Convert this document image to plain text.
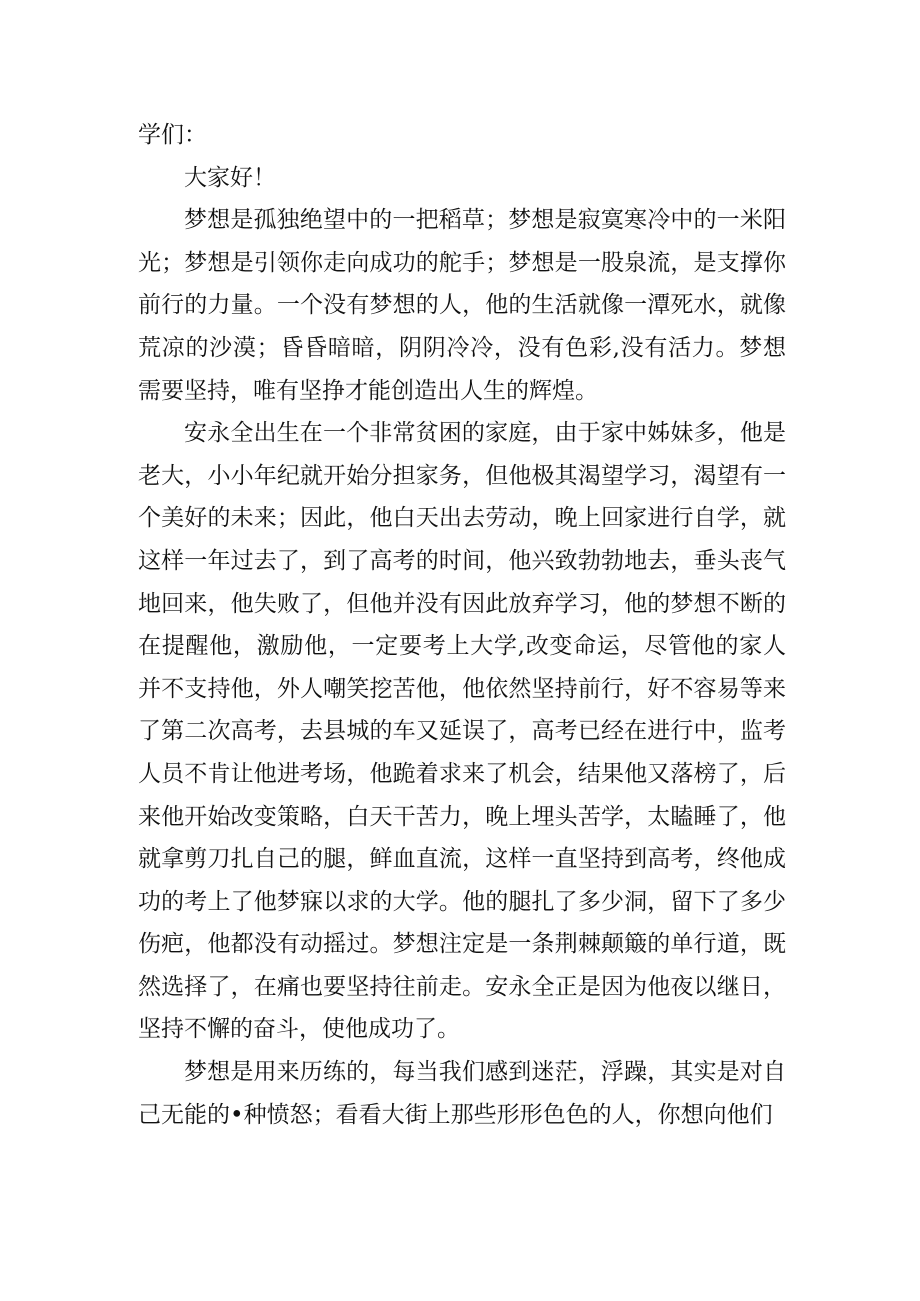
学们：

大家好！

梦想是孤独绝望中的一把稻草；梦想是寂寞寒冷中的一米阳光；梦想是引领你走向成功的舵手；梦想是一股泉流，是支撑你前行的力量。一个没有梦想的人，他的生活就像一潭死水，就像荒凉的沙漠；昏昏暗暗，阴阴冷冷，没有色彩,没有活力。梦想需要坚持，唯有坚挣才能创造出人生的辉煌。

安永全出生在一个非常贫困的家庭，由于家中姊妹多，他是老大，小小年纪就开始分担家务，但他极其渴望学习，渴望有一个美好的未来；因此，他白天出去劳动，晚上回家进行自学，就这样一年过去了，到了高考的时间，他兴致勃勃地去，垂头丧气地回来，他失败了，但他并没有因此放弃学习，他的梦想不断的在提醒他，激励他，一定要考上大学,改变命运，尽管他的家人并不支持他，外人嘲笑挖苦他，他依然坚持前行，好不容易等来了第二次高考，去县城的车又延误了，高考已经在进行中，监考人员不肯让他进考场，他跪着求来了机会，结果他又落榜了，后来他开始改变策略，白天干苦力，晚上埋头苦学，太瞌睡了，他就拿剪刀扎自己的腿，鲜血直流，这样一直坚持到高考，终他成功的考上了他梦寐以求的大学。他的腿扎了多少洞，留下了多少伤疤，他都没有动摇过。梦想注定是一条荆棘颠簸的单行道，既然选择了，在痛也要坚持往前走。安永全正是因为他夜以继日，坚持不懈的奋斗，使他成功了。

梦想是用来历练的，每当我们感到迷茫，浮躁，其实是对自己无能的•种愤怒；看看大街上那些形形色色的人，你想向他们
